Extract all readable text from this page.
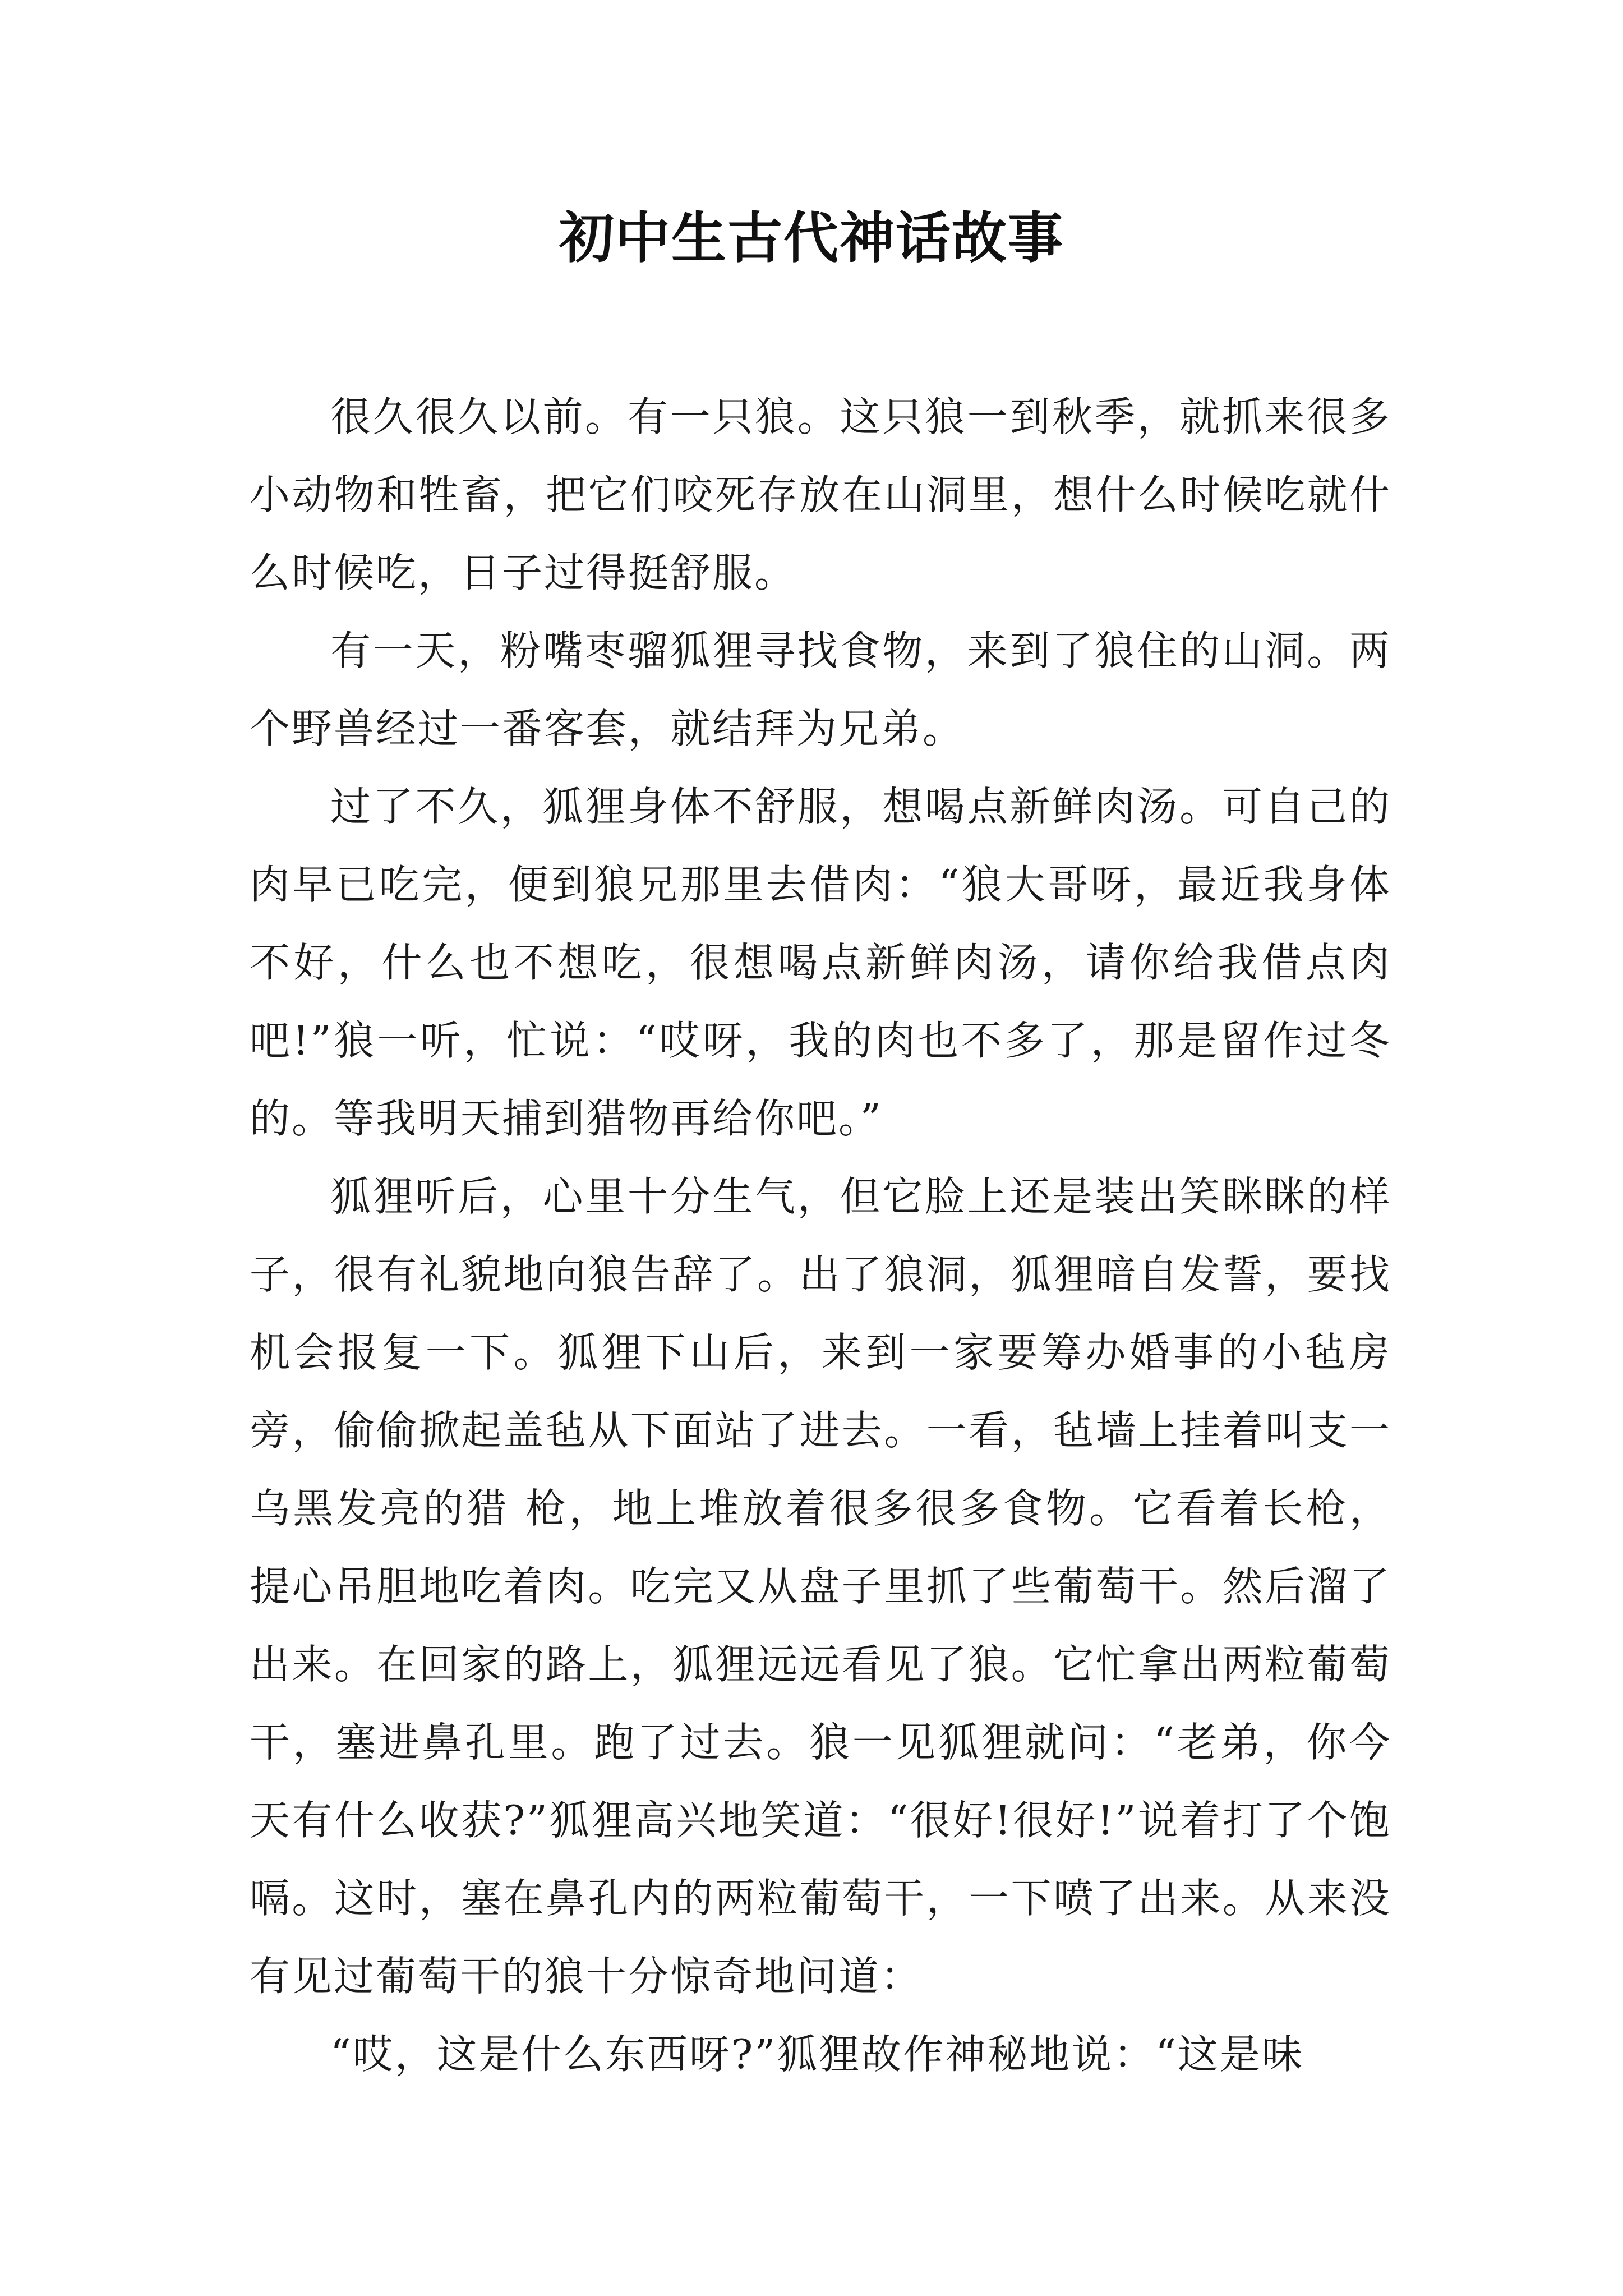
初中生古代神话故事

很久很久以前。有一只狼。这只狼一到秋季，就抓来很多小动物和牲畜，把它们咬死存放在山洞里，想什么时候吃就什么时候吃，日子过得挺舒服。

有一天，粉嘴枣骝狐狸寻找食物，来到了狼住的山洞。两个野兽经过一番客套，就结拜为兄弟。

过了不久，狐狸身体不舒服，想喝点新鲜肉汤。可自己的肉早已吃完，便到狼兄那里去借肉：“狼大哥呀，最近我身体不好，什么也不想吃，很想喝点新鲜肉汤，请你给我借点肉吧!”狼一听，忙说：“哎呀，我的肉也不多了，那是留作过冬的。等我明天捕到猎物再给你吧。”

狐狸听后，心里十分生气，但它脸上还是装出笑眯眯的样子，很有礼貌地向狼告辞了。出了狼洞，狐狸暗自发誓，要找机会报复一下。狐狸下山后，来到一家要筹办婚事的小毡房旁，偷偷掀起盖毡从下面站了进去。一看，毡墙上挂着叫支一乌黑发亮的猎 枪，地上堆放着很多很多食物。它看着长枪，提心吊胆地吃着肉。吃完又从盘子里抓了些葡萄干。然后溜了出来。在回家的路上，狐狸远远看见了狼。它忙拿出两粒葡萄干，塞进鼻孔里。跑了过去。狼一见狐狸就问：“老弟，你今天有什么收获?”狐狸高兴地笑道：“很好!很好!”说着打了个饱嗝。这时，塞在鼻孔内的两粒葡萄干，一下喷了出来。从来没有见过葡萄干的狼十分惊奇地问道：

“哎，这是什么东西呀?”狐狸故作神秘地说：“这是味
